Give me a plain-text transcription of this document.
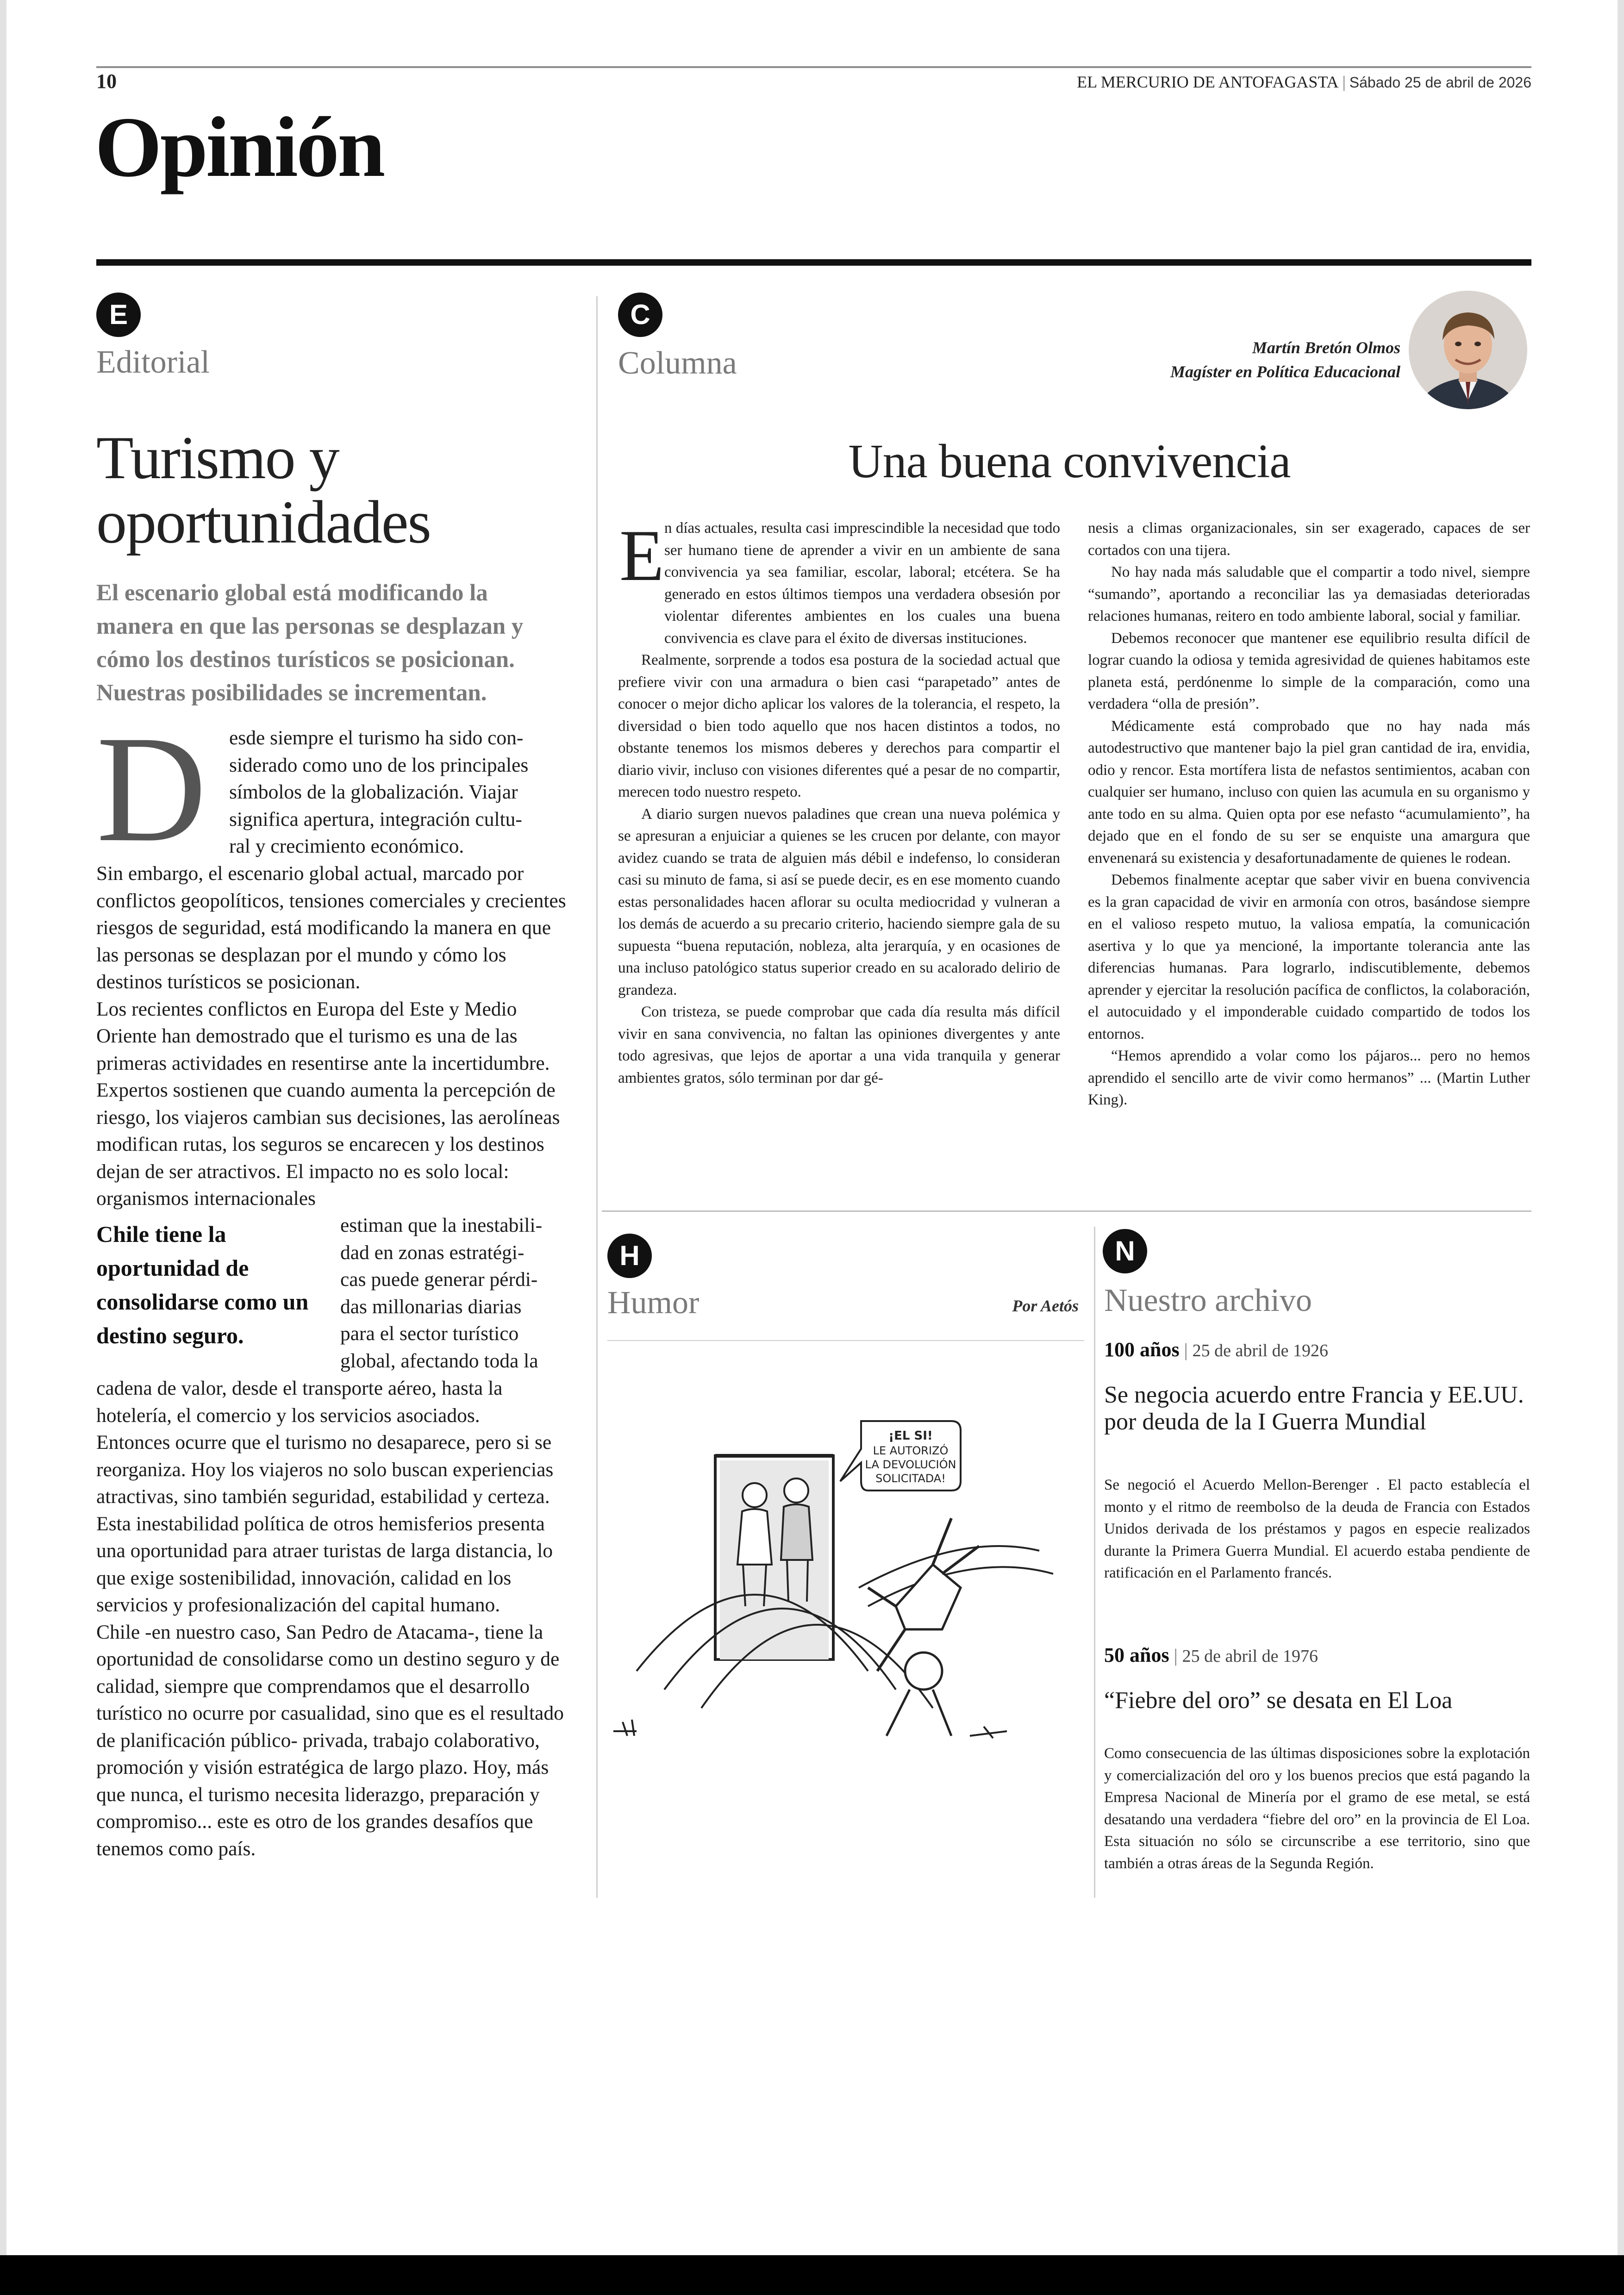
10	EL MERCURIO DE ANTOFAGASTA | Sábado 25 de abril de 2026
Opinión
E
Editorial
Turismo y
oportunidades
El escenario global está modificando la manera en que las personas se desplazan y cómo los destinos turísticos se posicionan. Nuestras posibilidades se incrementan.
D esde siempre el turismo ha sido con-
siderado como uno de los principales
símbolos de la globalización. Viajar
significa apertura, integración cultu-
ral y crecimiento económico.

Sin embargo, el escenario global actual, marcado por conflictos geopolíticos, tensiones comerciales y crecientes riesgos de seguridad, está modificando la manera en que las personas se desplazan por el mundo y cómo los destinos turísticos se posicionan.

Los recientes conflictos en Europa del Este y Medio Oriente han demostrado que el turismo es una de las primeras actividades en resentirse ante la incertidumbre. Expertos sostienen que cuando aumenta la percepción de riesgo, los viajeros cambian sus decisiones, las aerolíneas modifican rutas, los seguros se encarecen y los destinos dejan de ser atractivos. El impacto no es solo local: organismos internacionales

Chile tiene la oportunidad de consolidarse como un destino seguro.
estiman que la inestabili-
dad en zonas estratégi-
cas puede generar pérdi-
das millonarias diarias
para el sector turístico
global, afectando toda la

cadena de valor, desde el transporte aéreo, hasta la hotelería, el comercio y los servicios asociados.

Entonces ocurre que el turismo no desaparece, pero si se reorganiza. Hoy los viajeros no solo buscan experiencias atractivas, sino también seguridad, estabilidad y certeza. Esta inestabilidad política de otros hemisferios presenta una oportunidad para atraer turistas de larga distancia, lo que exige sostenibilidad, innovación, calidad en los servicios y profesionalización del capital humano.

Chile -en nuestro caso, San Pedro de Atacama-, tiene la oportunidad de consolidarse como un destino seguro y de calidad, siempre que comprendamos que el desarrollo turístico no ocurre por casualidad, sino que es el resultado de planificación público- privada, trabajo colaborativo, promoción y visión estratégica de largo plazo. Hoy, más que nunca, el turismo necesita liderazgo, preparación y compromiso... este es otro de los grandes desafíos que tenemos como país.

C
Columna	Martín Bretón Olmos
Magíster en Política Educacional
Una buena convivencia
E n días actuales, resulta casi imprescindible la necesidad que todo ser humano tiene de aprender a vivir en un ambiente de sana convivencia ya sea familiar, escolar, laboral; etcétera. Se ha generado en estos últimos tiempos una verdadera obsesión por violentar diferentes ambientes en los cuales una buena convivencia es clave para el éxito de diversas instituciones.

Realmente, sorprende a todos esa postura de la sociedad actual que prefiere vivir con una armadura o bien casi “parapetado” antes de conocer o mejor dicho aplicar los valores de la tolerancia, el respeto, la diversidad o bien todo aquello que nos hacen distintos a todos, no obstante tenemos los mismos deberes y derechos para compartir el diario vivir, incluso con visiones diferentes qué a pesar de no compartir, merecen todo nuestro respeto.

A diario surgen nuevos paladines que crean una nueva polémica y se apresuran a enjuiciar a quienes se les crucen por delante, con mayor avidez cuando se trata de alguien más débil e indefenso, lo consideran casi su minuto de fama, si así se puede decir, es en ese momento cuando estas personalidades hacen aflorar su oculta mediocridad y vulneran a los demás de acuerdo a su precario criterio, haciendo siempre gala de su supuesta “buena reputación, nobleza, alta jerarquía, y en ocasiones de una incluso patológico status superior creado en su acalorado delirio de grandeza.

Con tristeza, se puede comprobar que cada día resulta más difícil vivir en sana convivencia, no faltan las opiniones divergentes y ante todo agresivas, que lejos de aportar a una vida tranquila y generar ambientes gratos, sólo terminan por dar gé-

nesis a climas organizacionales, sin ser exagerado, capaces de ser cortados con una tijera.

No hay nada más saludable que el compartir a todo nivel, siempre “sumando”, aportando a reconciliar las ya demasiadas deterioradas relaciones humanas, reitero en todo ambiente laboral, social y familiar.

Debemos reconocer que mantener ese equilibrio resulta difícil de lograr cuando la odiosa y temida agresividad de quienes habitamos este planeta está, perdónenme lo simple de la comparación, como una verdadera “olla de presión”.

Médicamente está comprobado que no hay nada más autodestructivo que mantener bajo la piel gran cantidad de ira, envidia, odio y rencor. Esta mortífera lista de nefastos sentimientos, acaban con cualquier ser humano, incluso con quien las acumula en su organismo y ante todo en su alma. Quien opta por ese nefasto “acumulamiento”, ha dejado que en el fondo de su ser se enquiste una amargura que envenenará su existencia y desafortunadamente de quienes le rodean.

Debemos finalmente aceptar que saber vivir en buena convivencia es la gran capacidad de vivir en armonía con otros, basándose siempre en el valioso respeto mutuo, la valiosa empatía, la comunicación asertiva y lo que ya mencioné, la importante tolerancia ante las diferencias humanas. Para lograrlo, indiscutiblemente, debemos aprender y ejercitar la resolución pacífica de conflictos, la colaboración, el autocuidado y el imponderable cuidado compartido de todos los entornos.

“Hemos aprendido a volar como los pájaros... pero no hemos aprendido el sencillo arte de vivir como hermanos” ... (Martin Luther King).

H
Humor	Por Aetós
¡EL SI!
LE AUTORIZÓ
LA DEVOLUCIÓN
SOLICITADA!
N
Nuestro archivo
100 años | 25 de abril de 1926
Se negocia acuerdo entre Francia y EE.UU. por deuda de la I Guerra Mundial
Se negoció el Acuerdo Mellon-Berenger . El pacto establecía el monto y el ritmo de reembolso de la deuda de Francia con Estados Unidos derivada de los préstamos y pagos en especie realizados durante la Primera Guerra Mundial. El acuerdo estaba pendiente de ratificación en el Parlamento francés.
50 años | 25 de abril de 1976
“Fiebre del oro” se desata en El Loa
Como consecuencia de las últimas disposiciones sobre la explotación y comercialización del oro y los buenos precios que está pagando la Empresa Nacional de Minería por el gramo de ese metal, se está desatando una verdadera “fiebre del oro” en la provincia de El Loa. Esta situación no sólo se circunscribe a ese territorio, sino que también a otras áreas de la Segunda Región.
